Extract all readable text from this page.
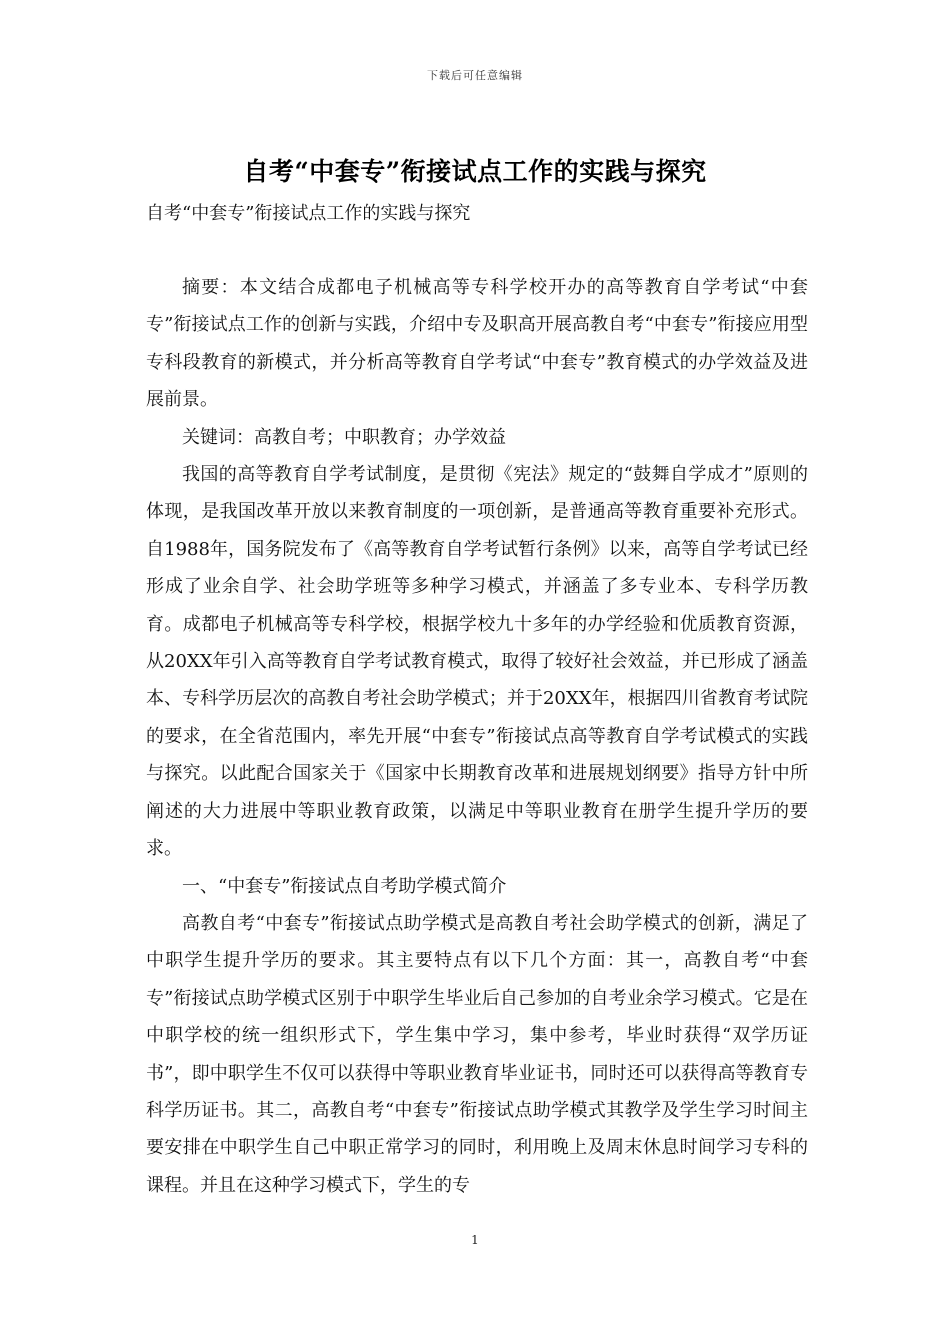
下载后可任意编辑
自考“中套专”衔接试点工作的实践与探究
自考“中套专”衔接试点工作的实践与探究

摘要：本文结合成都电子机械高等专科学校开办的高等教育自学考试“中套专”衔接试点工作的创新与实践，介绍中专及职高开展高教自考“中套专”衔接应用型专科段教育的新模式，并分析高等教育自学考试“中套专”教育模式的办学效益及进展前景。

关键词：高教自考；中职教育；办学效益

我国的高等教育自学考试制度，是贯彻《宪法》规定的“鼓舞自学成才”原则的体现，是我国改革开放以来教育制度的一项创新，是普通高等教育重要补充形式。自1988年，国务院发布了《高等教育自学考试暂行条例》以来，高等自学考试已经形成了业余自学、社会助学班等多种学习模式，并涵盖了多专业本、专科学历教育。成都电子机械高等专科学校，根据学校九十多年的办学经验和优质教育资源，从20XX年引入高等教育自学考试教育模式，取得了较好社会效益，并已形成了涵盖本、专科学历层次的高教自考社会助学模式；并于20XX年，根据四川省教育考试院的要求，在全省范围内，率先开展“中套专”衔接试点高等教育自学考试模式的实践与探究。以此配合国家关于《国家中长期教育改革和进展规划纲要》指导方针中所阐述的大力进展中等职业教育政策，以满足中等职业教育在册学生提升学历的要求。

一、“中套专”衔接试点自考助学模式简介

高教自考“中套专”衔接试点助学模式是高教自考社会助学模式的创新，满足了中职学生提升学历的要求。其主要特点有以下几个方面：其一，高教自考“中套专”衔接试点助学模式区别于中职学生毕业后自己参加的自考业余学习模式。它是在中职学校的统一组织形式下，学生集中学习，集中参考，毕业时获得“双学历证书”，即中职学生不仅可以获得中等职业教育毕业证书，同时还可以获得高等教育专科学历证书。其二，高教自考“中套专”衔接试点助学模式其教学及学生学习时间主要安排在中职学生自己中职正常学习的同时，利用晚上及周末休息时间学习专科的课程。并且在这种学习模式下，学生的专

1
